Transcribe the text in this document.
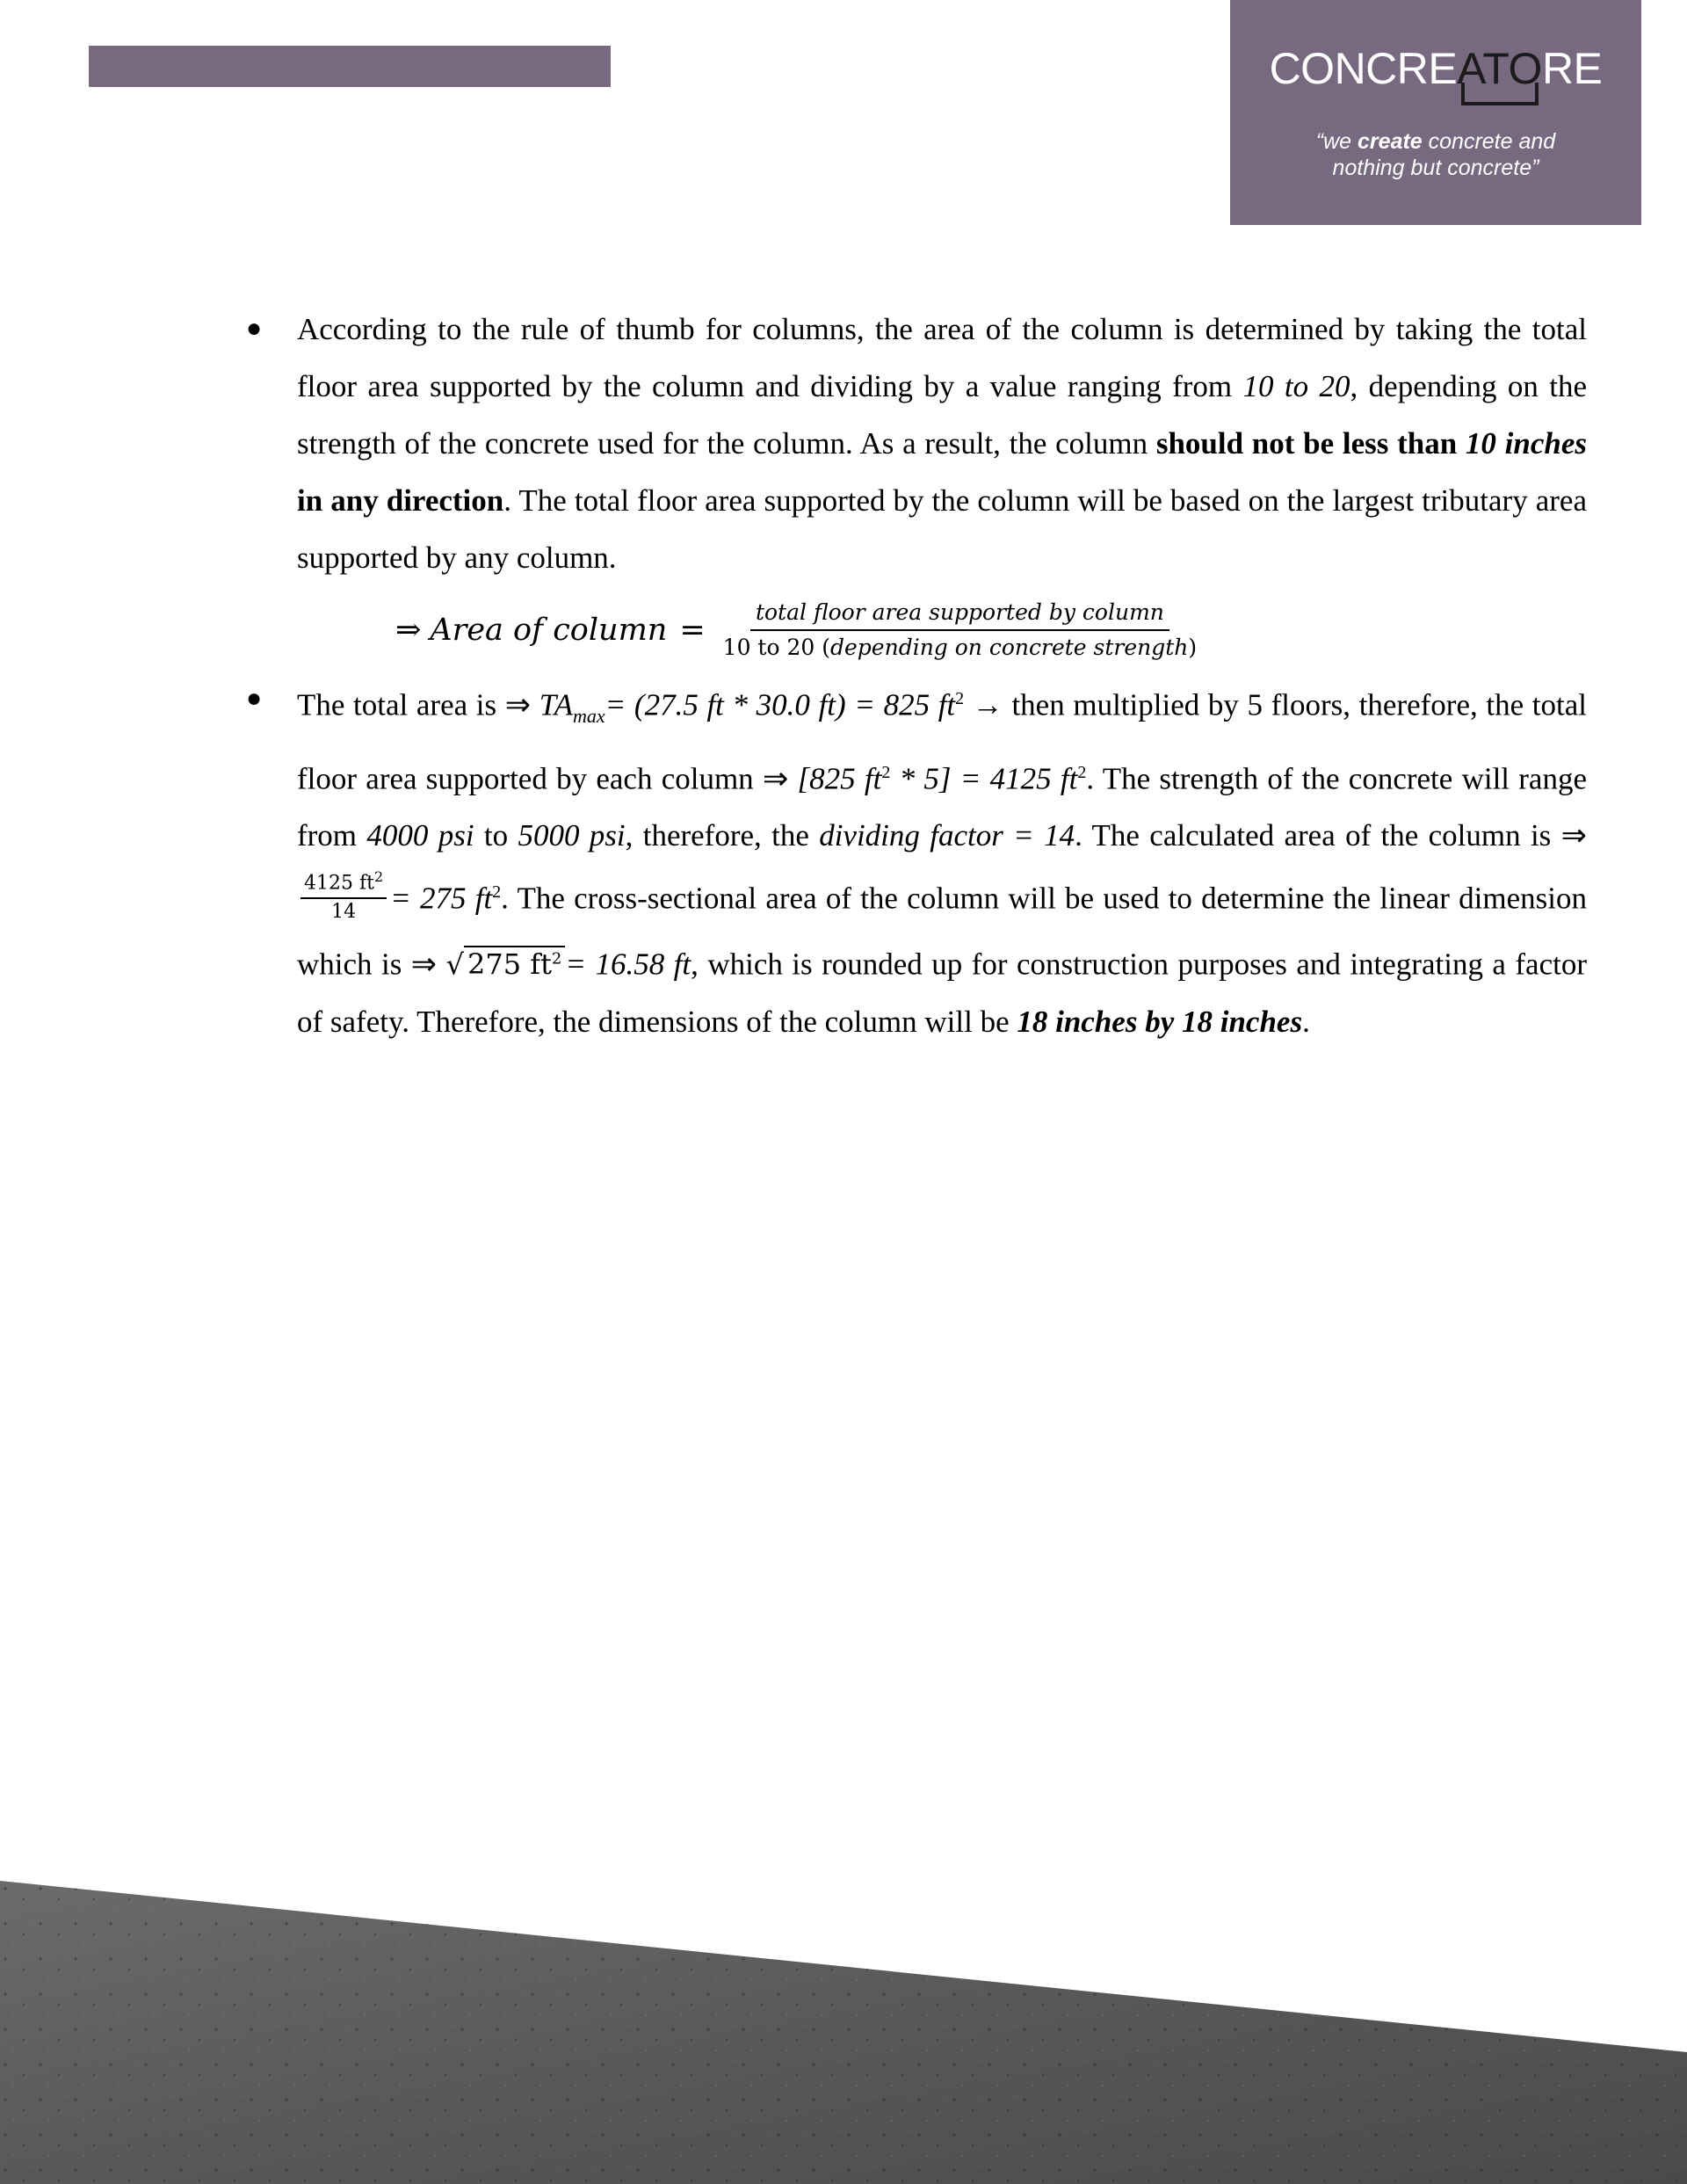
CONCREATORE
“we create concrete and
nothing but concrete”
●	According to the rule of thumb for columns, the area of the column is determined by taking the total floor area supported by the column and dividing by a value ranging from 10 to 20, depending on the strength of the concrete used for the column. As a result, the column should not be less than 10 inches in any direction. The total floor area supported by the column will be based on the largest tributary area supported by any column.
⇒ Area of column = $\frac{\text{total floor area supported by column}}{\text{10 to 20 (depending on concrete strength)}}$
●	The total area is ⇒ $TA_{max}= (27.5$ ft * 30.0 ft) = 825 $ft^2$ → then multiplied by 5 floors, therefore, the total floor area supported by each column ⇒ [825 $ft^2 * 5] = 4125$ $ft^2$. The strength of the concrete will range from 4000 psi to 5000 psi, therefore, the dividing factor = 14. The calculated area of the column is ⇒
$\frac{4125 ft^2}{14} = 275$ $ft^2$. The cross-sectional area of the column will be used to determine the linear dimension which is ⇒ √ 275 $ft^2 = 16.58$ ft, which is rounded up for construction purposes and integrating a factor of safety. Therefore, the dimensions of the column will be 18 inches by 18 inches.
